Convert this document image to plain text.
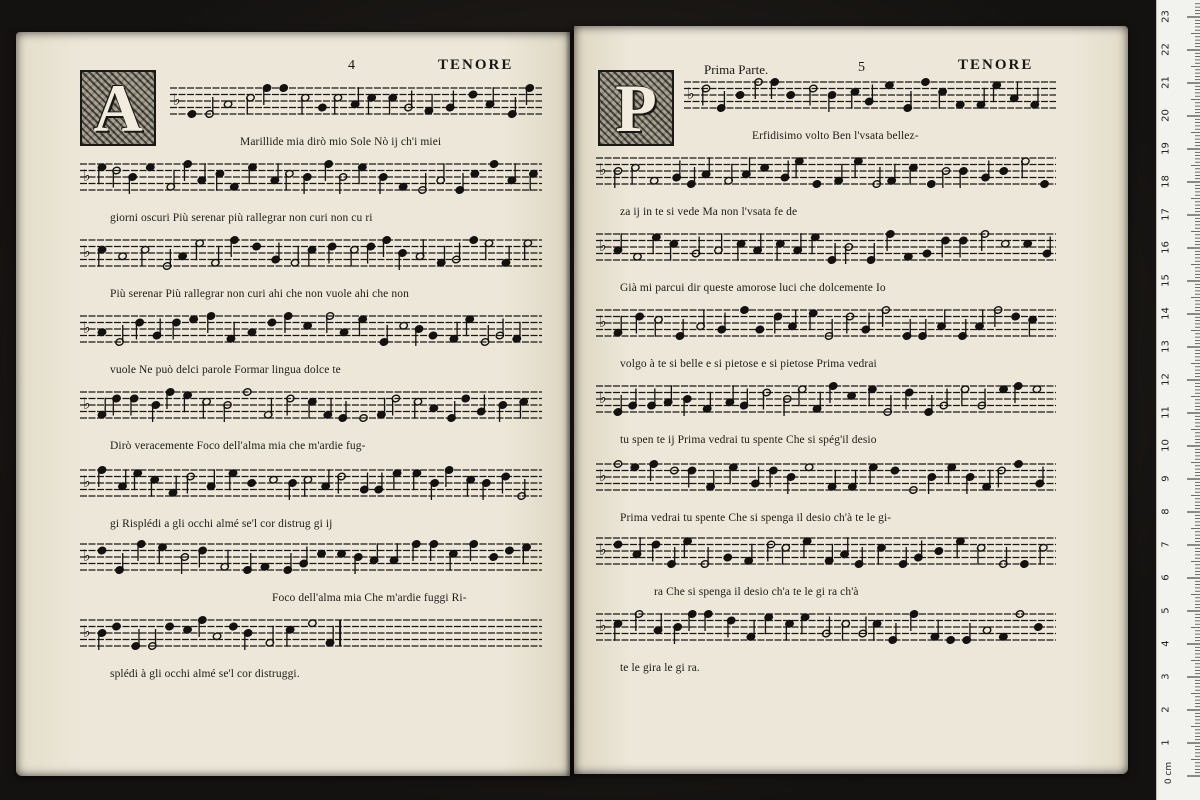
4	TENORE
A ♭
Marillide mia dirò mio Sole Nò ij ch'i miei
♭
giorni oscuri Più serenar più rallegrar non curi non cu ri
♭
Più serenar Più rallegrar non curi ahi che non vuole ahi che non
♭
vuole Ne può delci parole Formar lingua dolce te
♭
Dirò veracemente Foco dell'alma mia che m'ardie fug-
♭
gi Risplédi a gli occhi almé se'l cor distrug gi ij
♭
Foco dell'alma mia Che m'ardie fuggi Ri-
♭
splédi à gli occhi almé se'l cor distruggi.
Prima Parte.	5	TENORE
P ♭
Erfidisimo volto Ben l'vsata bellez-
♭
za ij in te si vede Ma non l'vsata fe de
♭
Già mi parcui dir queste amorose luci che dolcemente Io
♭
volgo à te si belle e si pietose e si pietose Prima vedrai
♭
tu spen te ij Prima vedrai tu spente Che si spég'il desio
♭
Prima vedrai tu spente Che si spenga il desio ch'à te le gi-
♭
ra Che si spenga il desio ch'a te le gi ra ch'à
♭
te le gira le gi ra.
23
22
21
20
19
18
17
16
15
14
13
12
11
10
9
8
7
6
5
4
3
2
1
0 cm
